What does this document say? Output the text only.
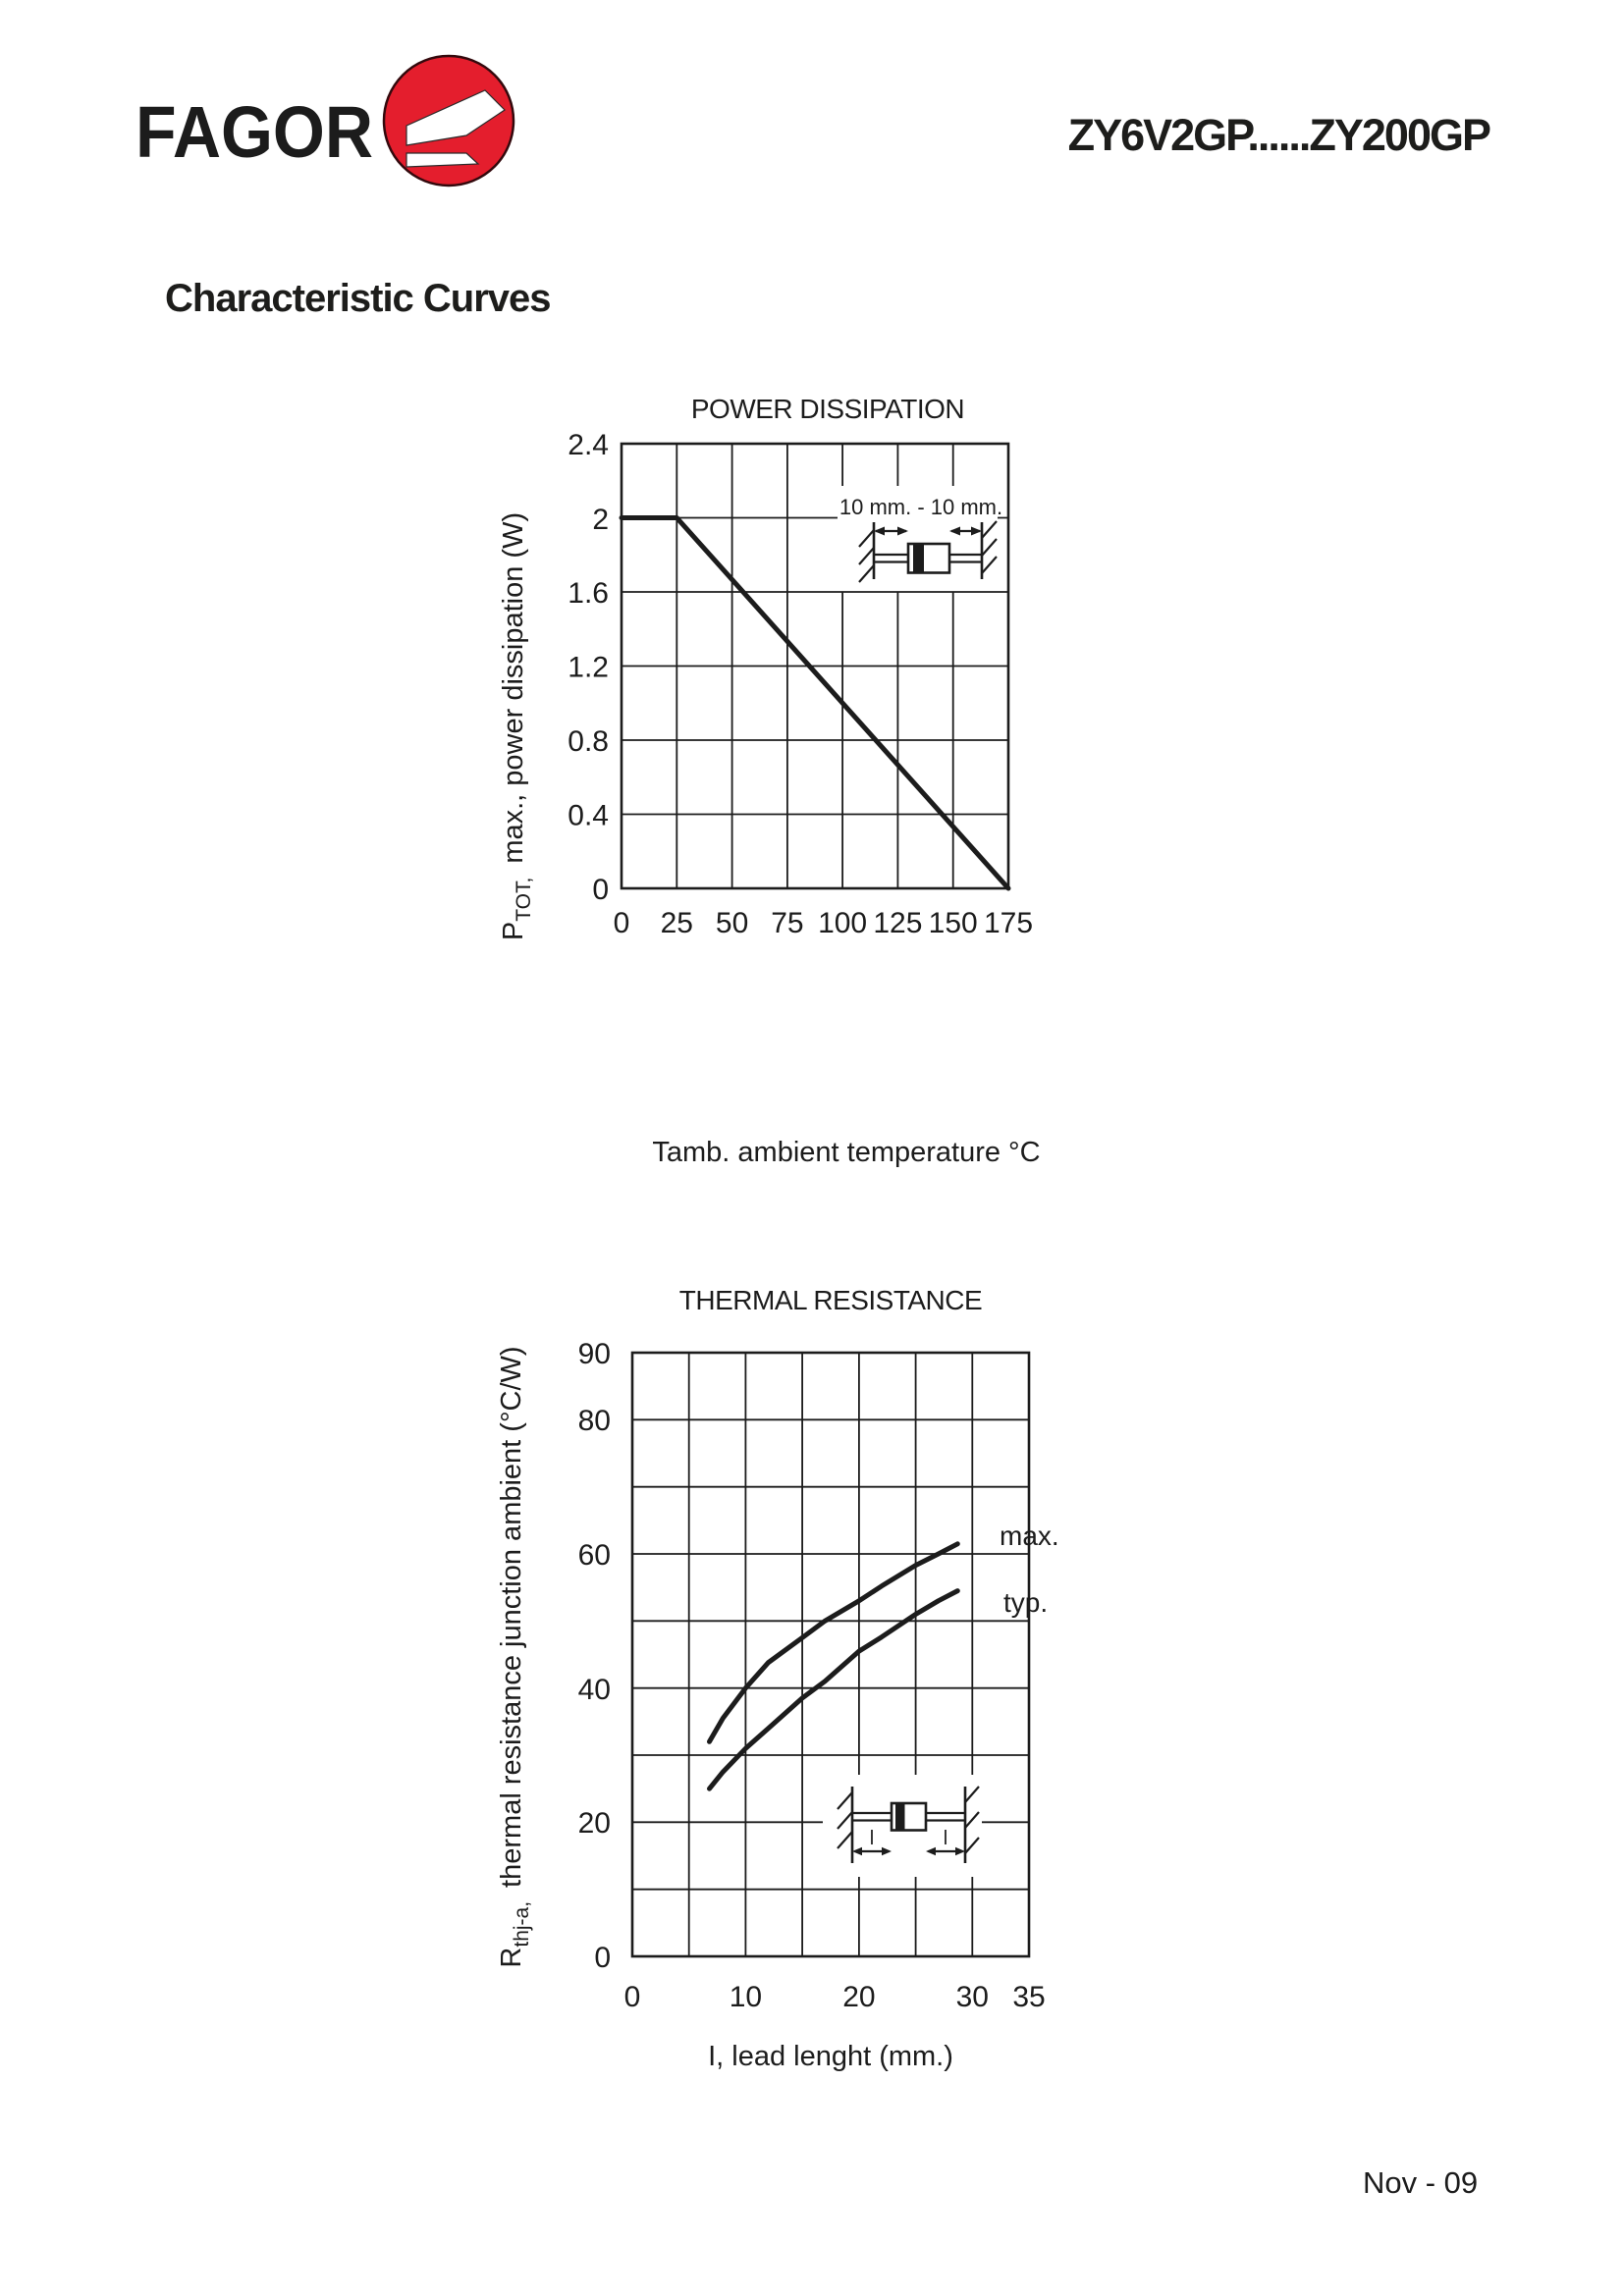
FAGOR	ZY6V2GP......ZY200GP
Characteristic Curves
POWER DISSIPATION
10 mm. - 10 mm.
2.4
2
1.6
1.2
0.8
0.4
0
0 25 50 75 100 125 150 175
$P_{TOT,}\max$., power dissipation (W)
Tamb. ambient temperature °C
THERMAL RESISTANCE
l	l
max.
typ.
90
80
60
40
20
0
0	10	20	30 35
$R_{thj-a,}thermal$ resistance junction ambient (°C/W)
I, lead lenght (mm.)
Nov - 09
